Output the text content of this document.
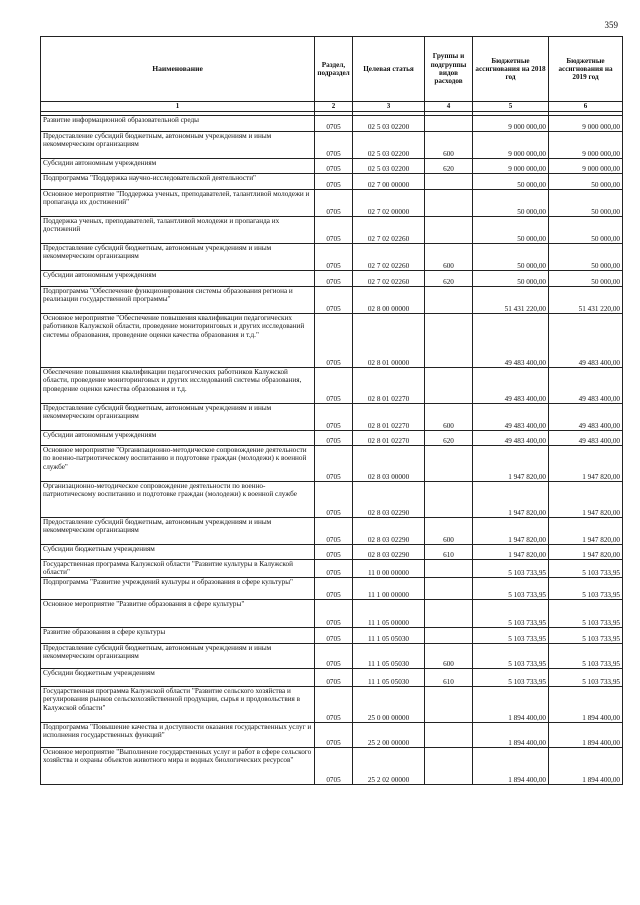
359
Наименование	Раздел, подраздел	Целевая статья	Группы и подгруппы видов расходов	Бюджетные ассигнования на 2018 год	Бюджетные ассигнования на 2019 год
1	2	3	4	5	6

Развитие информационной образовательной среды	0705	02 5 03 02200		9 000 000,00	9 000 000,00
Предоставление субсидий бюджетным, автономным учреждениям и иным некоммерческим организациям	0705	02 5 03 02200	600	9 000 000,00	9 000 000,00
Субсидии автономным учреждениям	0705	02 5 03 02200	620	9 000 000,00	9 000 000,00
Подпрограмма "Поддержка научно-исследовательской деятельности"	0705	02 7 00 00000		50 000,00	50 000,00
Основное мероприятие "Поддержка ученых, преподавателей, талантливой молодежи и пропаганда их достижений"	0705	02 7 02 00000		50 000,00	50 000,00
Поддержка ученых, преподавателей, талантливой молодежи и пропаганда их достижений	0705	02 7 02 02260		50 000,00	50 000,00
Предоставление субсидий бюджетным, автономным учреждениям и иным некоммерческим организациям	0705	02 7 02 02260	600	50 000,00	50 000,00
Субсидии автономным учреждениям	0705	02 7 02 02260	620	50 000,00	50 000,00
Подпрограмма "Обеспечение функционирования системы образования региона и реализации государственной программы"	0705	02 8 00 00000		51 431 220,00	51 431 220,00
Основное мероприятие "Обеспечение повышения квалификации педагогических работников Калужской области, проведение мониторинговых и других исследований системы образования, проведение оценки качества образования и т.д."	0705	02 8 01 00000		49 483 400,00	49 483 400,00
Обеспечение повышения квалификации педагогических работников Калужской области, проведение мониторинговых и других исследований системы образования, проведение оценки качества образования и т.д.	0705	02 8 01 02270		49 483 400,00	49 483 400,00
Предоставление субсидий бюджетным, автономным учреждениям и иным некоммерческим организациям	0705	02 8 01 02270	600	49 483 400,00	49 483 400,00
Субсидии автономным учреждениям	0705	02 8 01 02270	620	49 483 400,00	49 483 400,00
Основное мероприятие "Организационно-методическое сопровождение деятельности по военно-патриотическому воспитанию и подготовке граждан (молодежи) к военной службе"	0705	02 8 03 00000		1 947 820,00	1 947 820,00
Организационно-методическое сопровождение деятельности по военно-патриотическому воспитанию и подготовке граждан (молодежи) к военной службе	0705	02 8 03 02290		1 947 820,00	1 947 820,00
Предоставление субсидий бюджетным, автономным учреждениям и иным некоммерческим организациям	0705	02 8 03 02290	600	1 947 820,00	1 947 820,00
Субсидии бюджетным учреждениям	0705	02 8 03 02290	610	1 947 820,00	1 947 820,00
Государственная программа Калужской области "Развитие культуры в Калужской области"	0705	11 0 00 00000		5 103 733,95	5 103 733,95
Подпрограмма "Развитие учреждений культуры и образования в сфере культуры"	0705	11 1 00 00000		5 103 733,95	5 103 733,95
Основное мероприятие "Развитие образования в сфере культуры"	0705	11 1 05 00000		5 103 733,95	5 103 733,95
Развитие образования в сфере культуры	0705	11 1 05 05030		5 103 733,95	5 103 733,95
Предоставление субсидий бюджетным, автономным учреждениям и иным некоммерческим организациям	0705	11 1 05 05030	600	5 103 733,95	5 103 733,95
Субсидии бюджетным учреждениям	0705	11 1 05 05030	610	5 103 733,95	5 103 733,95
Государственная программа Калужской области "Развитие сельского хозяйства и регулирования рынков сельскохозяйственной продукции, сырья и продовольствия в Калужской области"	0705	25 0 00 00000		1 894 400,00	1 894 400,00
Подпрограмма "Повышение качества и доступности оказания государственных услуг и исполнения государственных функций"	0705	25 2 00 00000		1 894 400,00	1 894 400,00
Основное мероприятие "Выполнение государственных услуг и работ в сфере сельского хозяйства и охраны объектов животного мира и водных биологических ресурсов"	0705	25 2 02 00000		1 894 400,00	1 894 400,00
